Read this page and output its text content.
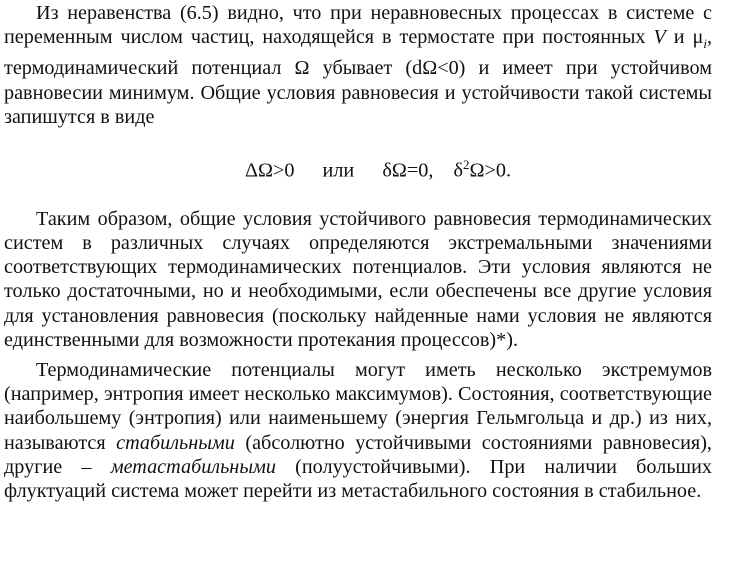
Из неравенства (6.5) видно, что при неравновесных процессах в системе с переменным числом частиц, находящейся в термостате при постоянных V и $\mu_i$, термодинамический потенциал Ω убывает (dΩ<0) и имеет при устойчивом равновесии минимум. Общие условия равновесия и устойчивости такой системы запишутся в виде

ΔΩ>0 или δΩ=0, $\delta^2\Omega>0$.

Таким образом, общие условия устойчивого равновесия термодинамических систем в различных случаях определяются экстремальными значениями соответствующих термодинамических потенциалов. Эти условия являются не только достаточными, но и необходимыми, если обеспечены все другие условия для установления равновесия (поскольку найденные нами условия не являются единственными для возможности протекания процессов)*).

Термодинамические потенциалы могут иметь несколько экстремумов (например, энтропия имеет несколько максимумов). Состояния, соответствующие наибольшему (энтропия) или наименьшему (энергия Гельмгольца и др.) из них, называются стабильными (абсолютно устойчивыми состояниями равновесия), другие – метастабильными (полуустойчивыми). При наличии больших флуктуаций система может перейти из метастабильного состояния в стабильное.
